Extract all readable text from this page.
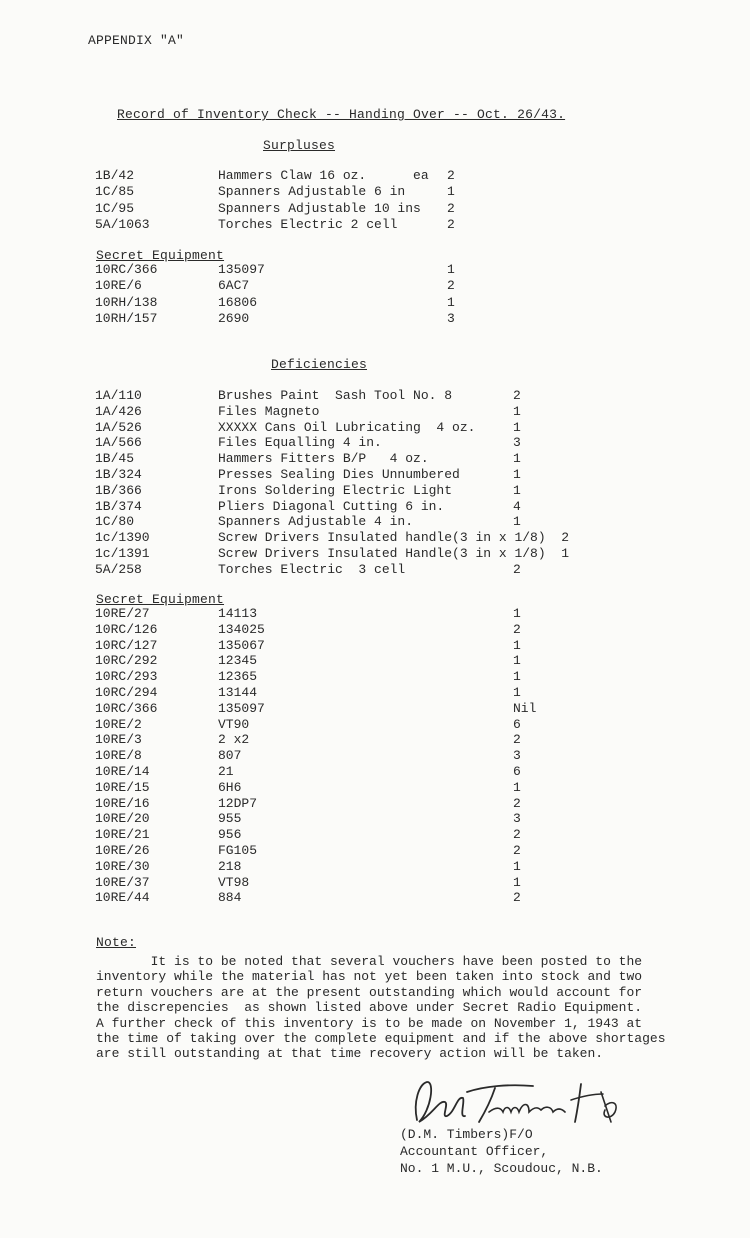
APPENDIX "A"
Record of Inventory Check -- Handing Over -- Oct. 26/43.
Surpluses
1B/42	Hammers Claw 16 oz.      ea 2
1C/85	Spanners Adjustable 6 in	1
1C/95	Spanners Adjustable 10 ins 2
5A/1063	Torches Electric 2 cell	2
Secret Equipment
10RC/366	135097	1
10RE/6	6AC7	2
10RH/138	16806	1
10RH/157	2690	3
Deficiencies
1A/110	Brushes Paint  Sash Tool No. 8	2
1A/426	Files Magneto	1
1A/526	XXXXX Cans Oil Lubricating  4 oz.	1
1A/566	Files Equalling 4 in.	3
1B/45	Hammers Fitters B/P   4 oz.	1
1B/324	Presses Sealing Dies Unnumbered	1
1B/366	Irons Soldering Electric Light	1
1B/374	Pliers Diagonal Cutting 6 in.	4
1C/80	Spanners Adjustable 4 in.	1
1c/1390	Screw Drivers Insulated handle(3 in x 1/8)  2
1c/1391	Screw Drivers Insulated Handle(3 in x 1/8)  1
5A/258	Torches Electric  3 cell	2
Secret Equipment
10RE/27	14113	1
10RC/126	134025	2
10RC/127	135067	1
10RC/292	12345	1
10RC/293	12365	1
10RC/294	13144	1
10RC/366	135097	Nil
10RE/2	VT90	6
10RE/3	2 x2	2
10RE/8	807	3
10RE/14	21	6
10RE/15	6H6	1
10RE/16	12DP7	2
10RE/20	955	3
10RE/21	956	2
10RE/26	FG105	2
10RE/30	218	1
10RE/37	VT98	1
10RE/44	884	2
Note:
It is to be noted that several vouchers have been posted to the
inventory while the material has not yet been taken into stock and two
return vouchers are at the present outstanding which would account for
the discrepencies  as shown listed above under Secret Radio Equipment.
A further check of this inventory is to be made on November 1, 1943 at
the time of taking over the complete equipment and if the above shortages
are still outstanding at that time recovery action will be taken.
(D.M. Timbers)F/O
Accountant Officer,
No. 1 M.U., Scoudouc, N.B.
